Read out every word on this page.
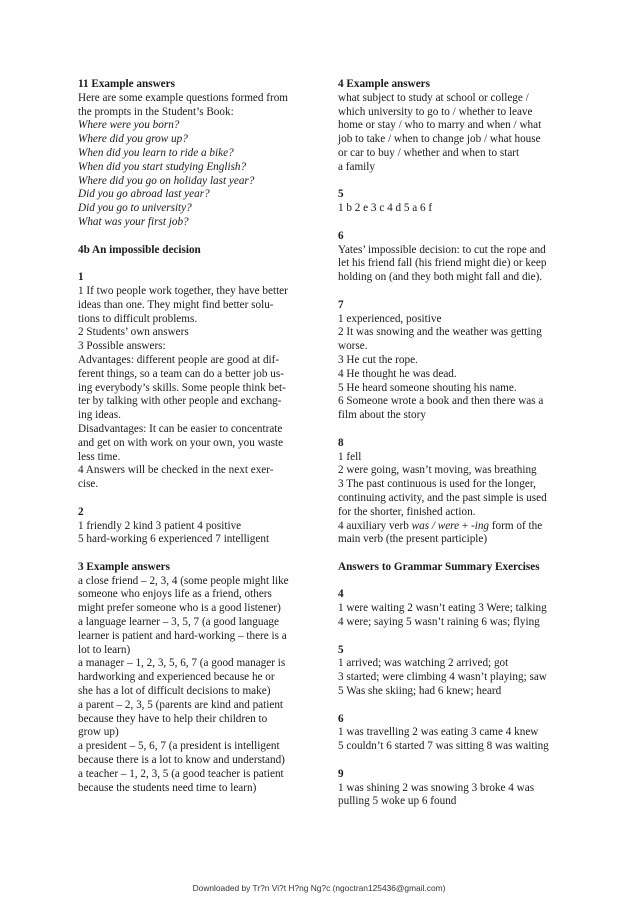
11 Example answers
Here are some example questions formed from
the prompts in the Student’s Book:
Where were you born?
Where did you grow up?
When did you learn to ride a bike?
When did you start studying English?
Where did you go on holiday last year?
Did you go abroad last year?
Did you go to university?
What was your first job?
4b An impossible decision
1
1 If two people work together, they have better
ideas than one. They might find better solu-
tions to difficult problems.
2 Students’ own answers
3 Possible answers:
Advantages: different people are good at dif-
ferent things, so a team can do a better job us-
ing everybody’s skills. Some people think bet-
ter by talking with other people and exchang-
ing ideas.
Disadvantages: It can be easier to concentrate
and get on with work on your own, you waste
less time.
4 Answers will be checked in the next exer-
cise.
2
1 friendly 2 kind 3 patient 4 positive
5 hard-working 6 experienced 7 intelligent
3 Example answers
a close friend – 2, 3, 4 (some people might like
someone who enjoys life as a friend, others
might prefer someone who is a good listener)
a language learner – 3, 5, 7 (a good language
learner is patient and hard-working – there is a
lot to learn)
a manager – 1, 2, 3, 5, 6, 7 (a good manager is
hardworking and experienced because he or
she has a lot of difficult decisions to make)
a parent – 2, 3, 5 (parents are kind and patient
because they have to help their children to
grow up)
a president – 5, 6, 7 (a president is intelligent
because there is a lot to know and understand)
a teacher – 1, 2, 3, 5 (a good teacher is patient
because the students need time to learn)
4 Example answers
what subject to study at school or college /
which university to go to / whether to leave
home or stay / who to marry and when / what
job to take / when to change job / what house
or car to buy / whether and when to start
a family
5
1 b 2 e 3 c 4 d 5 a 6 f
6
Yates’ impossible decision: to cut the rope and
let his friend fall (his friend might die) or keep
holding on (and they both might fall and die).
7
1 experienced, positive
2 It was snowing and the weather was getting
worse.
3 He cut the rope.
4 He thought he was dead.
5 He heard someone shouting his name.
6 Someone wrote a book and then there was a
film about the story
8
1 fell
2 were going, wasn’t moving, was breathing
3 The past continuous is used for the longer,
continuing activity, and the past simple is used
for the shorter, finished action.
4 auxiliary verb was / were + -ing form of the
main verb (the present participle)
Answers to Grammar Summary Exercises
4
1 were waiting 2 wasn’t eating 3 Were; talking
4 were; saying 5 wasn’t raining 6 was; flying
5
1 arrived; was watching 2 arrived; got
3 started; were climbing 4 wasn’t playing; saw
5 Was she skiing; had 6 knew; heard
6
1 was travelling 2 was eating 3 came 4 knew
5 couldn’t 6 started 7 was sitting 8 was waiting
9
1 was shining 2 was snowing 3 broke 4 was
pulling 5 woke up 6 found
Downloaded by Tr?n Vi?t H?ng Ng?c (ngoctran125436@gmail.com)
